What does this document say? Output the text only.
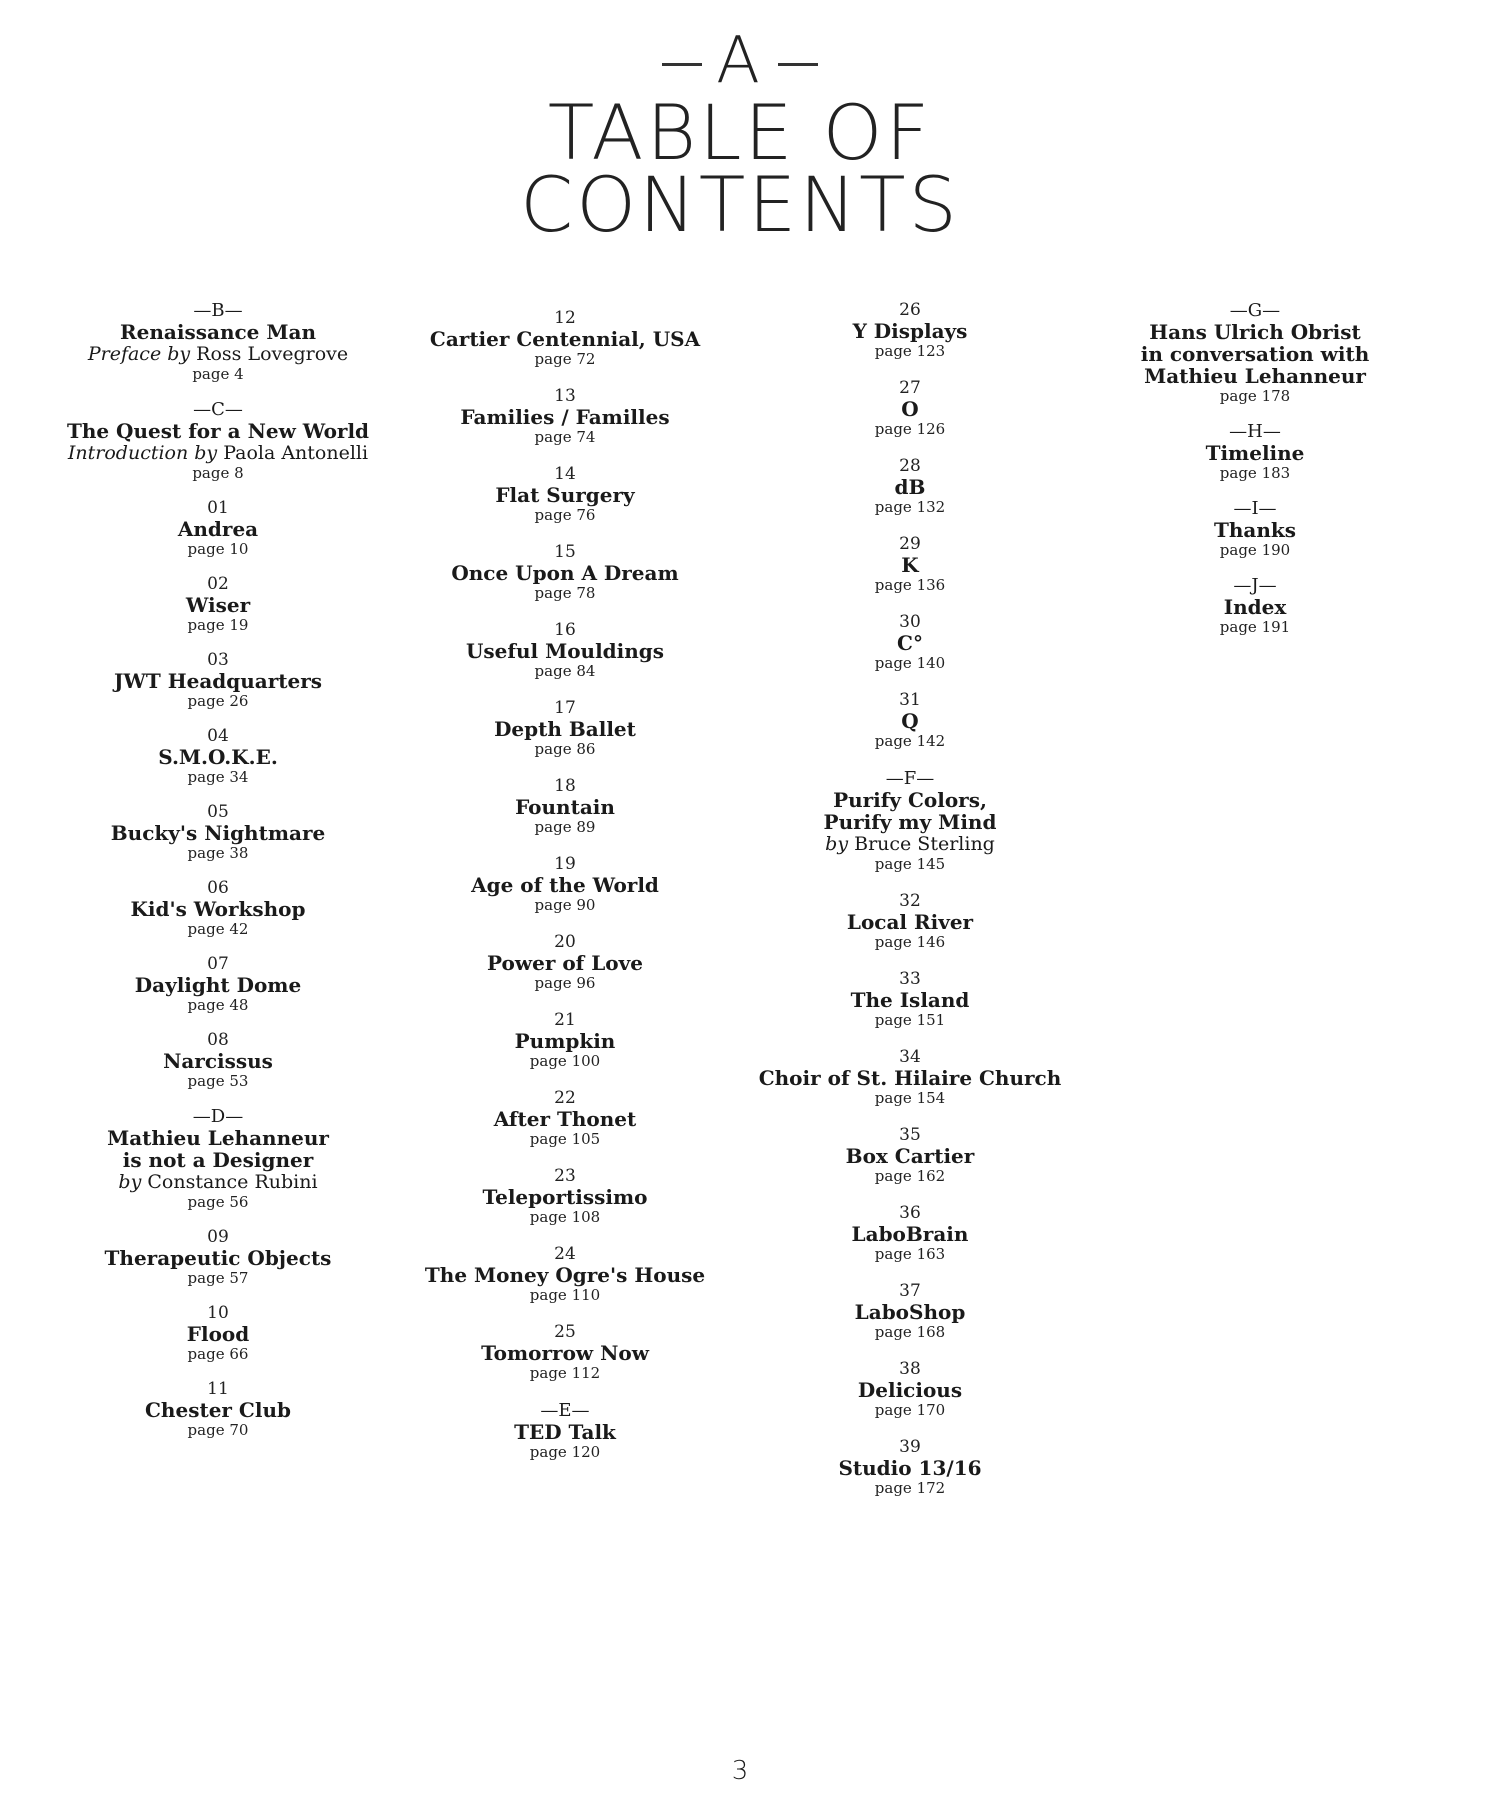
A
TABLE OF
CONTENTS
—B—
Renaissance Man
Preface by Ross Lovegrove
page 4
—C—
The Quest for a New World
Introduction by Paola Antonelli
page 8
01
Andrea
page 10
02
Wiser
page 19
03
JWT Headquarters
page 26
04
S.M.O.K.E.
page 34
05
Bucky's Nightmare
page 38
06
Kid's Workshop
page 42
07
Daylight Dome
page 48
08
Narcissus
page 53
—D—
Mathieu Lehanneur
is not a Designer
by Constance Rubini
page 56
09
Therapeutic Objects
page 57
10
Flood
page 66
11
Chester Club
page 70
12
Cartier Centennial, USA
page 72
13
Families / Familles
page 74
14
Flat Surgery
page 76
15
Once Upon A Dream
page 78
16
Useful Mouldings
page 84
17
Depth Ballet
page 86
18
Fountain
page 89
19
Age of the World
page 90
20
Power of Love
page 96
21
Pumpkin
page 100
22
After Thonet
page 105
23
Teleportissimo
page 108
24
The Money Ogre's House
page 110
25
Tomorrow Now
page 112
—E—
TED Talk
page 120
26
Y Displays
page 123
27
O
page 126
28
dB
page 132
29
K
page 136
30
C°
page 140
31
Q
page 142
—F—
Purify Colors,
Purify my Mind
by Bruce Sterling
page 145
32
Local River
page 146
33
The Island
page 151
34
Choir of St. Hilaire Church
page 154
35
Box Cartier
page 162
36
LaboBrain
page 163
37
LaboShop
page 168
38
Delicious
page 170
39
Studio 13/16
page 172
—G—
Hans Ulrich Obrist
in conversation with
Mathieu Lehanneur
page 178
—H—
Timeline
page 183
—I—
Thanks
page 190
—J—
Index
page 191
3
